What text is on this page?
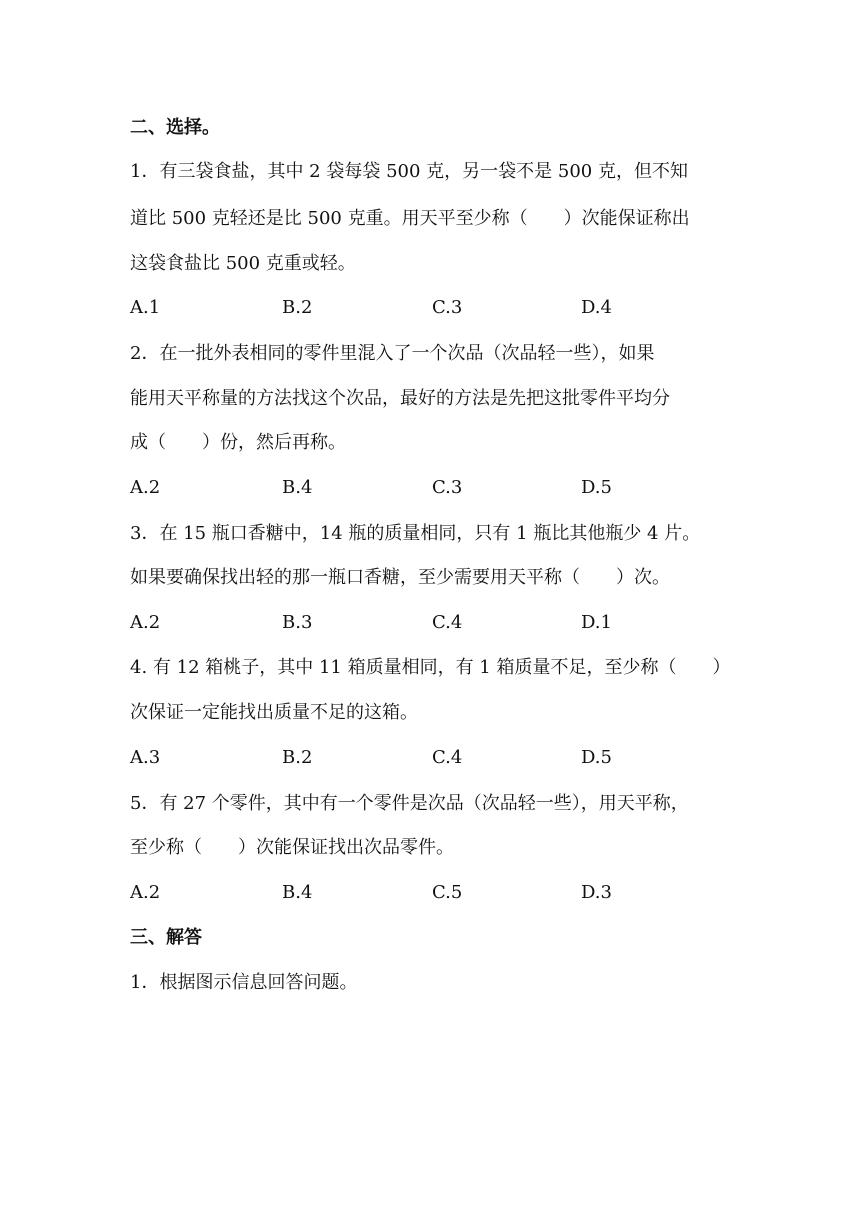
二、选择。
1．有三袋食盐，其中 2 袋每袋 500 克，另一袋不是 500 克，但不知
道比 500 克轻还是比 500 克重。用天平至少称（　　）次能保证称出
这袋食盐比 500 克重或轻。
A.1	B.2	C.3	D.4
2．在一批外表相同的零件里混入了一个次品（次品轻一些），如果
能用天平称量的方法找这个次品，最好的方法是先把这批零件平均分
成（　　）份，然后再称。
A.2	B.4	C.3	D.5
3．在 15 瓶口香糖中，14 瓶的质量相同，只有 1 瓶比其他瓶少 4 片。
如果要确保找出轻的那一瓶口香糖，至少需要用天平称（　　）次。
A.2	B.3	C.4	D.1
4. 有 12 箱桃子，其中 11 箱质量相同，有 1 箱质量不足，至少称（　　）
次保证一定能找出质量不足的这箱。
A.3	B.2	C.4	D.5
5．有 27 个零件，其中有一个零件是次品（次品轻一些），用天平称，
至少称（　　）次能保证找出次品零件。
A.2	B.4	C.5	D.3
三、解答
1．根据图示信息回答问题。
